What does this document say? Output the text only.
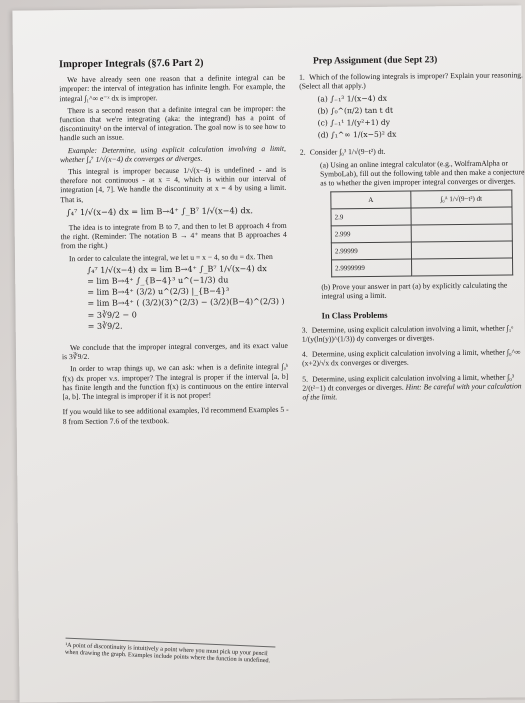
Improper Integrals (§7.6 Part 2)

We have already seen one reason that a definite integral can be improper: the interval of integration has infinite length. For example, the integral ∫₁^∞ e⁻ˣ dx is improper.

There is a second reason that a definite integral can be improper: the function that we're integrating (aka: the integrand) has a point of discontinuity¹ on the interval of integration. The goal now is to see how to handle such an issue.

Example: Determine, using explicit calculation involving a limit, whether ∫₄⁷ 1/√(x−4) dx converges or diverges.

This integral is improper because 1/√(x−4) is undefined - and is therefore not continuous - at x = 4, which is within our interval of integration [4, 7]. We handle the discontinuity at x = 4 by using a limit. That is,

∫₄⁷ 1/√(x−4) dx = lim B→4⁺ ∫_B⁷ 1/√(x−4) dx.

The idea is to integrate from B to 7, and then to let B approach 4 from the right. (Reminder: The notation B → 4⁺ means that B approaches 4 from the right.)

In order to calculate the integral, we let u = x − 4, so du = dx. Then

∫₄⁷ 1/√(x−4) dx = lim B→4⁺ ∫_B⁷ 1/√(x−4) dx
= lim B→4⁺ ∫_{B−4}³ u^(−1/3) du
= lim B→4⁺ (3/2) u^(2/3) |_{B−4}³
= lim B→4⁺ ( (3/2)(3)^(2/3) − (3/2)(B−4)^(2/3) )
= 3∛9/2 − 0
= 3∛9/2.

We conclude that the improper integral converges, and its exact value is 3∛9/2.

In order to wrap things up, we can ask: when is a definite integral ∫ₐᵇ f(x) dx proper v.s. improper? The integral is proper if the interval [a, b] has finite length and the function f(x) is continuous on the entire interval [a, b]. The integral is improper if it is not proper!

If you would like to see additional examples, I'd recommend Examples 5 - 8 from Section 7.6 of the textbook.

Prep Assignment (due Sept 23)
1. Which of the following integrals is improper? Explain your reasoning. (Select all that apply.)
(a) ∫₋₁³ 1/(x−4) dx
(b) ∫₀^(π/2) tan t dt
(c) ∫₋₁¹ 1/(y²+1) dy
(d) ∫₁^∞ 1/(x−5)² dx
2. Consider ∫₀³ 1/√(9−t²) dt.
(a) Using an online integral calculator (e.g., WolframAlpha or SymboLab), fill out the following table and then make a conjecture as to whether the given improper integral converges or diverges.
A	∫₀ᴬ 1/√(9−t²) dt
2.9	
2.999	
2.99999	
2.9999999	
(b) Prove your answer in part (a) by explicitly calculating the integral using a limit.
In Class Problems
3. Determine, using explicit calculation involving a limit, whether ∫₁ᵉ 1/(y(ln(y))^(1/3)) dy converges or diverges.
4. Determine, using explicit calculation involving a limit, whether ∫₀^∞ (x+2)/√x dx converges or diverges.
5. Determine, using explicit calculation involving a limit, whether ∫₀³ 2/(t²−1) dt converges or diverges. Hint: Be careful with your calculation of the limit.
¹A point of discontinuity is intuitively a point where you must pick up your pencil when drawing the graph. Examples include points where the function is undefined.
